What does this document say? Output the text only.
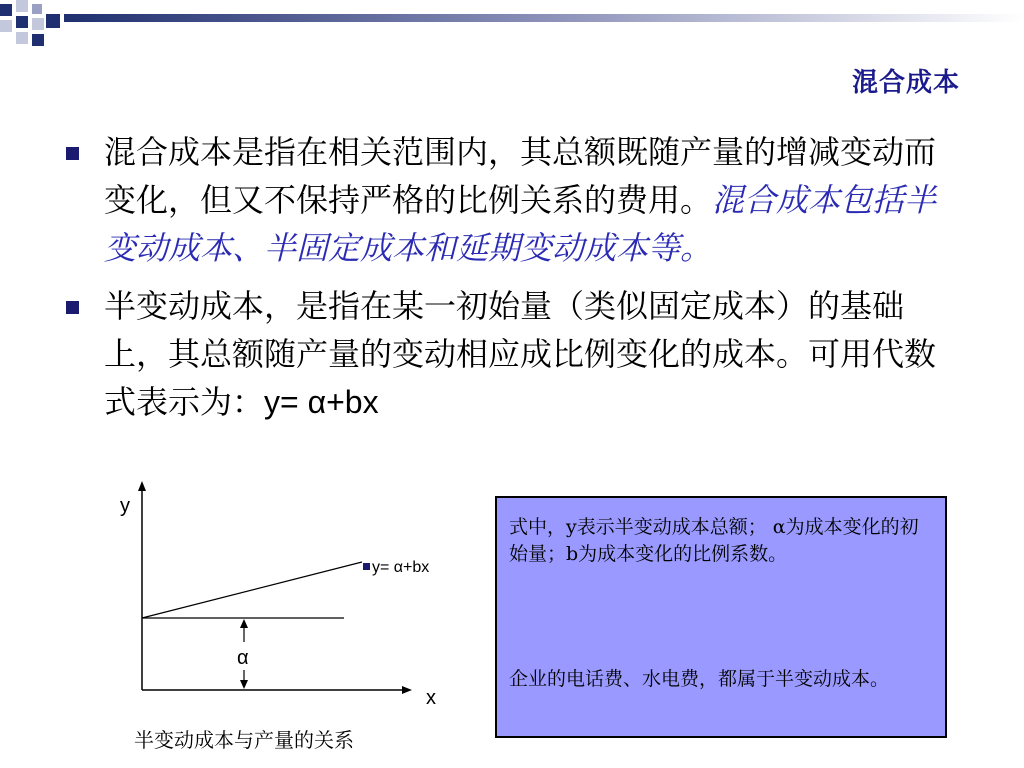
混合成本
混合成本是指在相关范围内，其总额既随产量的增减变动而变化，但又不保持严格的比例关系的费用。混合成本包括半变动成本、半固定成本和延期变动成本等。
半变动成本，是指在某一初始量（类似固定成本）的基础上，其总额随产量的变动相应成比例变化的成本。可用代数式表示为：y= α+bx
y
x
y= α+bx
α
半变动成本与产量的关系

式中，y表示半变动成本总额； α为成本变化的初始量；b为成本变化的比例系数。

企业的电话费、水电费，都属于半变动成本。
